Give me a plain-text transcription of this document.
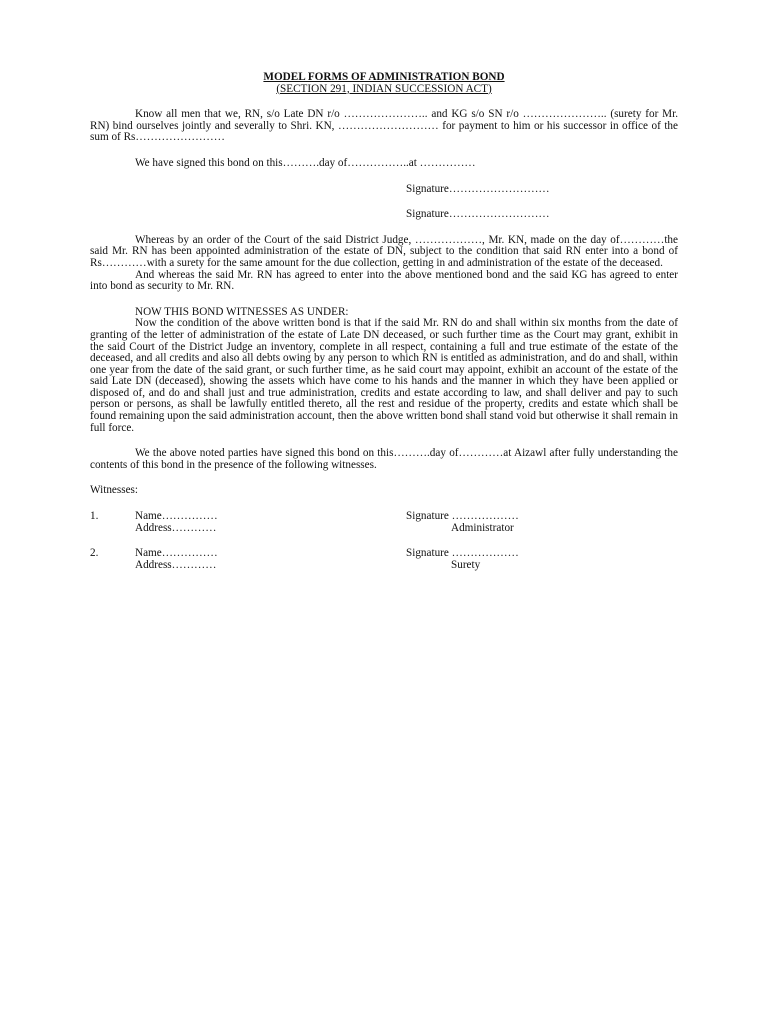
MODEL FORMS OF ADMINISTRATION BOND
(SECTION 291, INDIAN SUCCESSION ACT)

Know all men that we, RN, s/o Late DN r/o ………………….. and KG s/o SN r/o ………………….. (surety for Mr. RN) bind ourselves jointly and severally to Shri. KN, ……………………… for payment to him or his successor in office of the sum of Rs……………………

We have signed this bond on this……….day of……………..at ……………

Signature………………………
Signature………………………

Whereas by an order of the Court of the said District Judge, ………………, Mr. KN, made on the day of…………the said Mr. RN has been appointed administration of the estate of DN, subject to the condition that said RN enter into a bond of Rs…………with a surety for the same amount for the due collection, getting in and administration of the estate of the deceased.

And whereas the said Mr. RN has agreed to enter into the above mentioned bond and the said KG has agreed to enter into bond as security to Mr. RN.

NOW THIS BOND WITNESSES AS UNDER:

Now the condition of the above written bond is that if the said Mr. RN do and shall within six months from the date of granting of the letter of administration of the estate of Late DN deceased, or such further time as the Court may grant, exhibit in the said Court of the District Judge an inventory, complete in all respect, containing a full and true estimate of the estate of the deceased, and all credits and also all debts owing by any person to which RN is entitled as administration, and do and shall, within one year from the date of the said grant, or such further time, as he said court may appoint, exhibit an account of the estate of the said Late DN (deceased), showing the assets which have come to his hands and the manner in which they have been applied or disposed of, and do and shall just and true administration, credits and estate according to law, and shall deliver and pay to such person or persons, as shall be lawfully entitled thereto, all the rest and residue of the property, credits and estate which shall be found remaining upon the said administration account, then the above written bond shall stand void but otherwise it shall remain in full force.

We the above noted parties have signed this bond on this……….day of…………at Aizawl after fully understanding the contents of this bond in the presence of the following witnesses.

Witnesses:
1.	Name……………	Signature ………………
Address…………	Administrator
2.	Name……………	Signature ………………
Address…………	Surety
